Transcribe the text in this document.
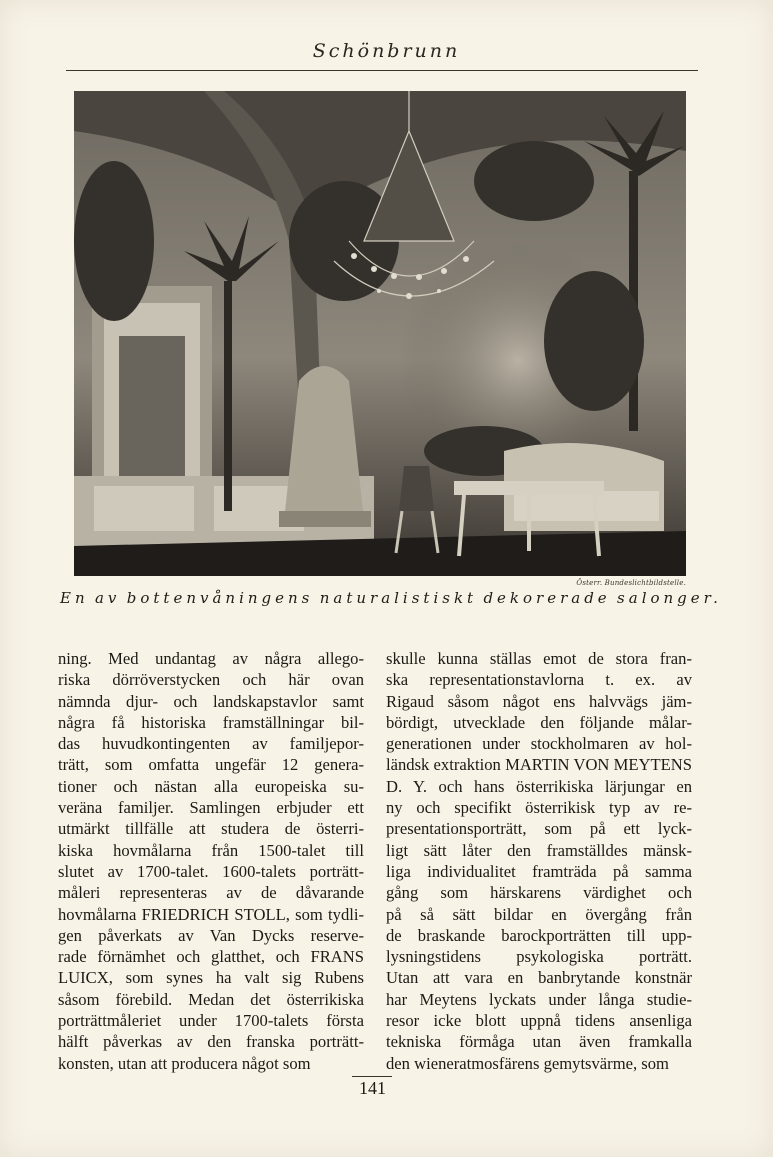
Schönbrunn
Österr. Bundeslichtbildstelle.
En av bottenvåningens naturalistiskt dekorerade salonger.
ning. Med undantag av några allego-
riska dörröverstycken och här ovan
nämnda djur- och landskapstavlor samt
några få historiska framställningar bil-
das huvudkontingenten av familjepor-
trätt, som omfatta ungefär 12 genera-
tioner och nästan alla europeiska su-
veräna familjer. Samlingen erbjuder ett
utmärkt tillfälle att studera de österri-
kiska hovmålarna från 1500-talet till
slutet av 1700-talet. 1600-talets porträtt-
måleri representeras av de dåvarande
hovmålarna FRIEDRICH STOLL, som tydli-
gen påverkats av Van Dycks reserve-
rade förnämhet och glatthet, och FRANS
LUICX, som synes ha valt sig Rubens
såsom förebild. Medan det österrikiska
porträttmåleriet under 1700-talets första
hälft påverkas av den franska porträtt-
konsten, utan att producera något som
skulle kunna ställas emot de stora fran-
ska representationstavlorna t. ex. av
Rigaud såsom något ens halvvägs jäm-
bördigt, utvecklade den följande målar-
generationen under stockholmaren av hol-
ländsk extraktion MARTIN VON MEYTENS
D. Y. och hans österrikiska lärjungar en
ny och specifikt österrikisk typ av re-
presentationsporträtt, som på ett lyck-
ligt sätt låter den framställdes mänsk-
liga individualitet framträda på samma
gång som härskarens värdighet och
på så sätt bildar en övergång från
de braskande barockporträtten till upp-
lysningstidens psykologiska porträtt.
Utan att vara en banbrytande konstnär
har Meytens lyckats under långa studie-
resor icke blott uppnå tidens ansenliga
tekniska förmåga utan även framkalla
den wieneratmosfärens gemytsvärme, som
141
